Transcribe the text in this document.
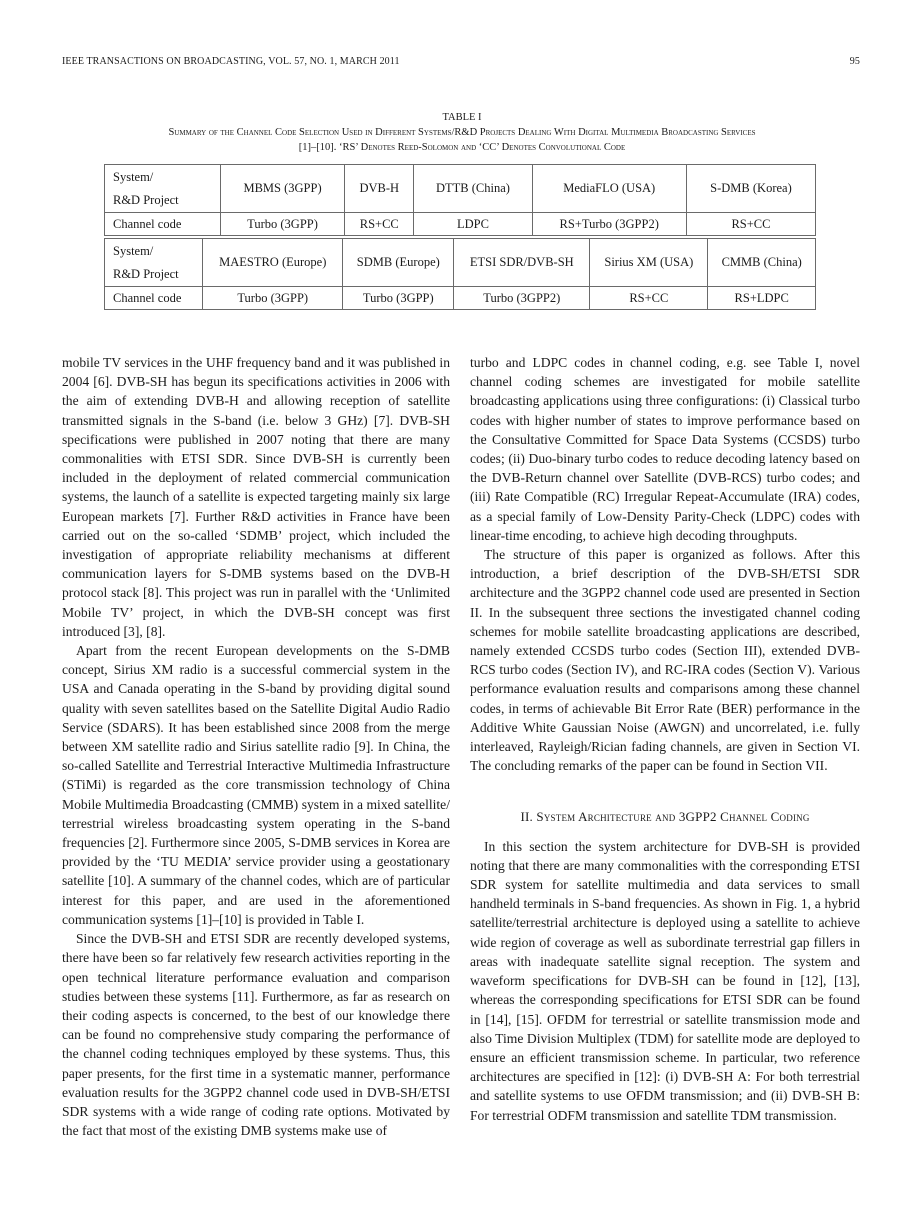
IEEE TRANSACTIONS ON BROADCASTING, VOL. 57, NO. 1, MARCH 2011	95
TABLE I
Summary of the Channel Code Selection Used in Different Systems/R&D Projects Dealing With Digital Multimedia Broadcasting Services
[1]–[10]. ‘RS’ Denotes Reed-Solomon and ‘CC’ Denotes Convolutional Code
System/
R&D Project	MBMS (3GPP)	DVB-H	DTTB (China)	MediaFLO (USA)	S-DMB (Korea)
Channel code	Turbo (3GPP)	RS+CC	LDPC	RS+Turbo (3GPP2)	RS+CC
System/
R&D Project	MAESTRO (Europe)	SDMB (Europe)	ETSI SDR/DVB-SH	Sirius XM (USA)	CMMB (China)
Channel code	Turbo (3GPP)	Turbo (3GPP)	Turbo (3GPP2)	RS+CC	RS+LDPC

mobile TV services in the UHF frequency band and it was published in 2004 [6]. DVB-SH has begun its specifications activities in 2006 with the aim of extending DVB-H and allowing reception of satellite transmitted signals in the S-band (i.e. below 3 GHz) [7]. DVB-SH specifications were published in 2007 noting that there are many commonalities with ETSI SDR. Since DVB-SH is currently been included in the deployment of related commercial communication systems, the launch of a satellite is expected targeting mainly six large European markets [7]. Further R&D activities in France have been carried out on the so-called ‘SDMB’ project, which included the investigation of appropriate reliability mechanisms at different communication layers for S-DMB systems based on the DVB-H protocol stack [8]. This project was run in parallel with the ‘Unlimited Mobile TV’ project, in which the DVB-SH concept was first introduced [3], [8].

Apart from the recent European developments on the S-DMB concept, Sirius XM radio is a successful commercial system in the USA and Canada operating in the S-band by providing digital sound quality with seven satellites based on the Satellite Digital Audio Radio Service (SDARS). It has been established since 2008 from the merge between XM satellite radio and Sirius satellite radio [9]. In China, the so-called Satellite and Terrestrial Interactive Multimedia Infrastructure (STiMi) is regarded as the core transmission technology of China Mobile Multimedia Broadcasting (CMMB) system in a mixed satellite/ terrestrial wireless broadcasting system operating in the S-band frequencies [2]. Furthermore since 2005, S-DMB services in Korea are provided by the ‘TU MEDIA’ service provider using a geostationary satellite [10]. A summary of the channel codes, which are of particular interest for this paper, and are used in the aforementioned communication systems [1]–[10] is provided in Table I.

Since the DVB-SH and ETSI SDR are recently developed systems, there have been so far relatively few research activities reporting in the open technical literature performance evaluation and comparison studies between these systems [11]. Furthermore, as far as research on their coding aspects is concerned, to the best of our knowledge there can be found no comprehensive study comparing the performance of the channel coding techniques employed by these systems. Thus, this paper presents, for the first time in a systematic manner, performance evaluation results for the 3GPP2 channel code used in DVB-SH/ETSI SDR systems with a wide range of coding rate options. Motivated by the fact that most of the existing DMB systems make use of

turbo and LDPC codes in channel coding, e.g. see Table I, novel channel coding schemes are investigated for mobile satellite broadcasting applications using three configurations: (i) Classical turbo codes with higher number of states to improve performance based on the Consultative Committed for Space Data Systems (CCSDS) turbo codes; (ii) Duo-binary turbo codes to reduce decoding latency based on the DVB-Return channel over Satellite (DVB-RCS) turbo codes; and (iii) Rate Compatible (RC) Irregular Repeat-Accumulate (IRA) codes, as a special family of Low-Density Parity-Check (LDPC) codes with linear-time encoding, to achieve high decoding throughputs.

The structure of this paper is organized as follows. After this introduction, a brief description of the DVB-SH/ETSI SDR architecture and the 3GPP2 channel code used are presented in Section II. In the subsequent three sections the investigated channel coding schemes for mobile satellite broadcasting applications are described, namely extended CCSDS turbo codes (Section III), extended DVB-RCS turbo codes (Section IV), and RC-IRA codes (Section V). Various performance evaluation results and comparisons among these channel codes, in terms of achievable Bit Error Rate (BER) performance in the Additive White Gaussian Noise (AWGN) and uncorrelated, i.e. fully interleaved, Rayleigh/Rician fading channels, are given in Section VI. The concluding remarks of the paper can be found in Section VII.

II. System Architecture and 3GPP2 Channel Coding

In this section the system architecture for DVB-SH is provided noting that there are many commonalities with the corresponding ETSI SDR system for satellite multimedia and data services to small handheld terminals in S-band frequencies. As shown in Fig. 1, a hybrid satellite/terrestrial architecture is deployed using a satellite to achieve wide region of coverage as well as subordinate terrestrial gap fillers in areas with inadequate satellite signal reception. The system and waveform specifications for DVB-SH can be found in [12], [13], whereas the corresponding specifications for ETSI SDR can be found in [14], [15]. OFDM for terrestrial or satellite transmission mode and also Time Division Multiplex (TDM) for satellite mode are deployed to ensure an efficient transmission scheme. In particular, two reference architectures are specified in [12]: (i) DVB-SH A: For both terrestrial and satellite systems to use OFDM transmission; and (ii) DVB-SH B: For terrestrial ODFM transmission and satellite TDM transmission.
